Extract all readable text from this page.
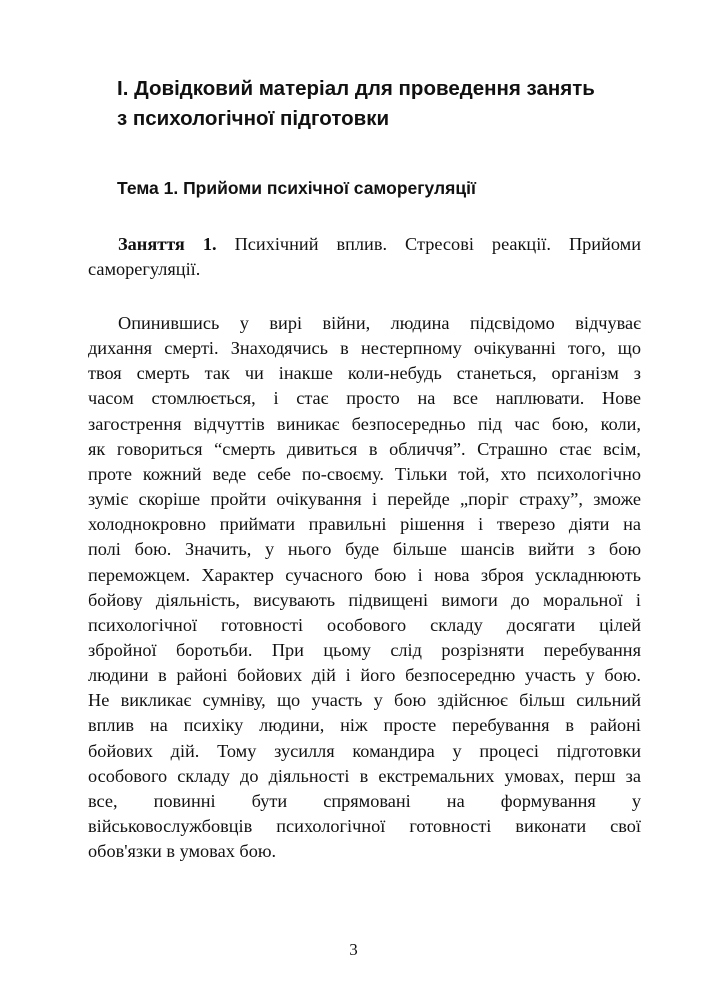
І. Довідковий матеріал для проведення занять
з психологічної підготовки
Тема 1. Прийоми психічної саморегуляції
Заняття 1. Психічний вплив. Стресові реакції. Прийоми
саморегуляції.
Опинившись у вирі війни, людина підсвідомо відчуває
дихання смерті. Знаходячись в нестерпному очікуванні того, що
твоя смерть так чи інакше коли-небудь станеться, організм з
часом стомлюється, і стає просто на все наплювати. Нове
загострення відчуттів виникає безпосередньо під час бою, коли,
як говориться “смерть дивиться в обличчя”. Страшно стає всім,
проте кожний веде себе по-своєму. Тільки той, хто психологічно
зуміє скоріше пройти очікування і перейде „поріг страху”, зможе
холоднокровно приймати правильні рішення і тверезо діяти на
полі бою. Значить, у нього буде більше шансів вийти з бою
переможцем. Характер сучасного бою і нова зброя ускладнюють
бойову діяльність, висувають підвищені вимоги до моральної і
психологічної готовності особового складу досягати цілей
збройної боротьби. При цьому слід розрізняти перебування
людини в районі бойових дій і його безпосередню участь у бою.
Не викликає сумніву, що участь у бою здійснює більш сильний
вплив на психіку людини, ніж просте перебування в районі
бойових дій. Тому зусилля командира у процесі підготовки
особового складу до діяльності в екстремальних умовах, перш за
все, повинні бути спрямовані на формування у
військовослужбовців психологічної готовності виконати свої
обов'язки в умовах бою.
3
